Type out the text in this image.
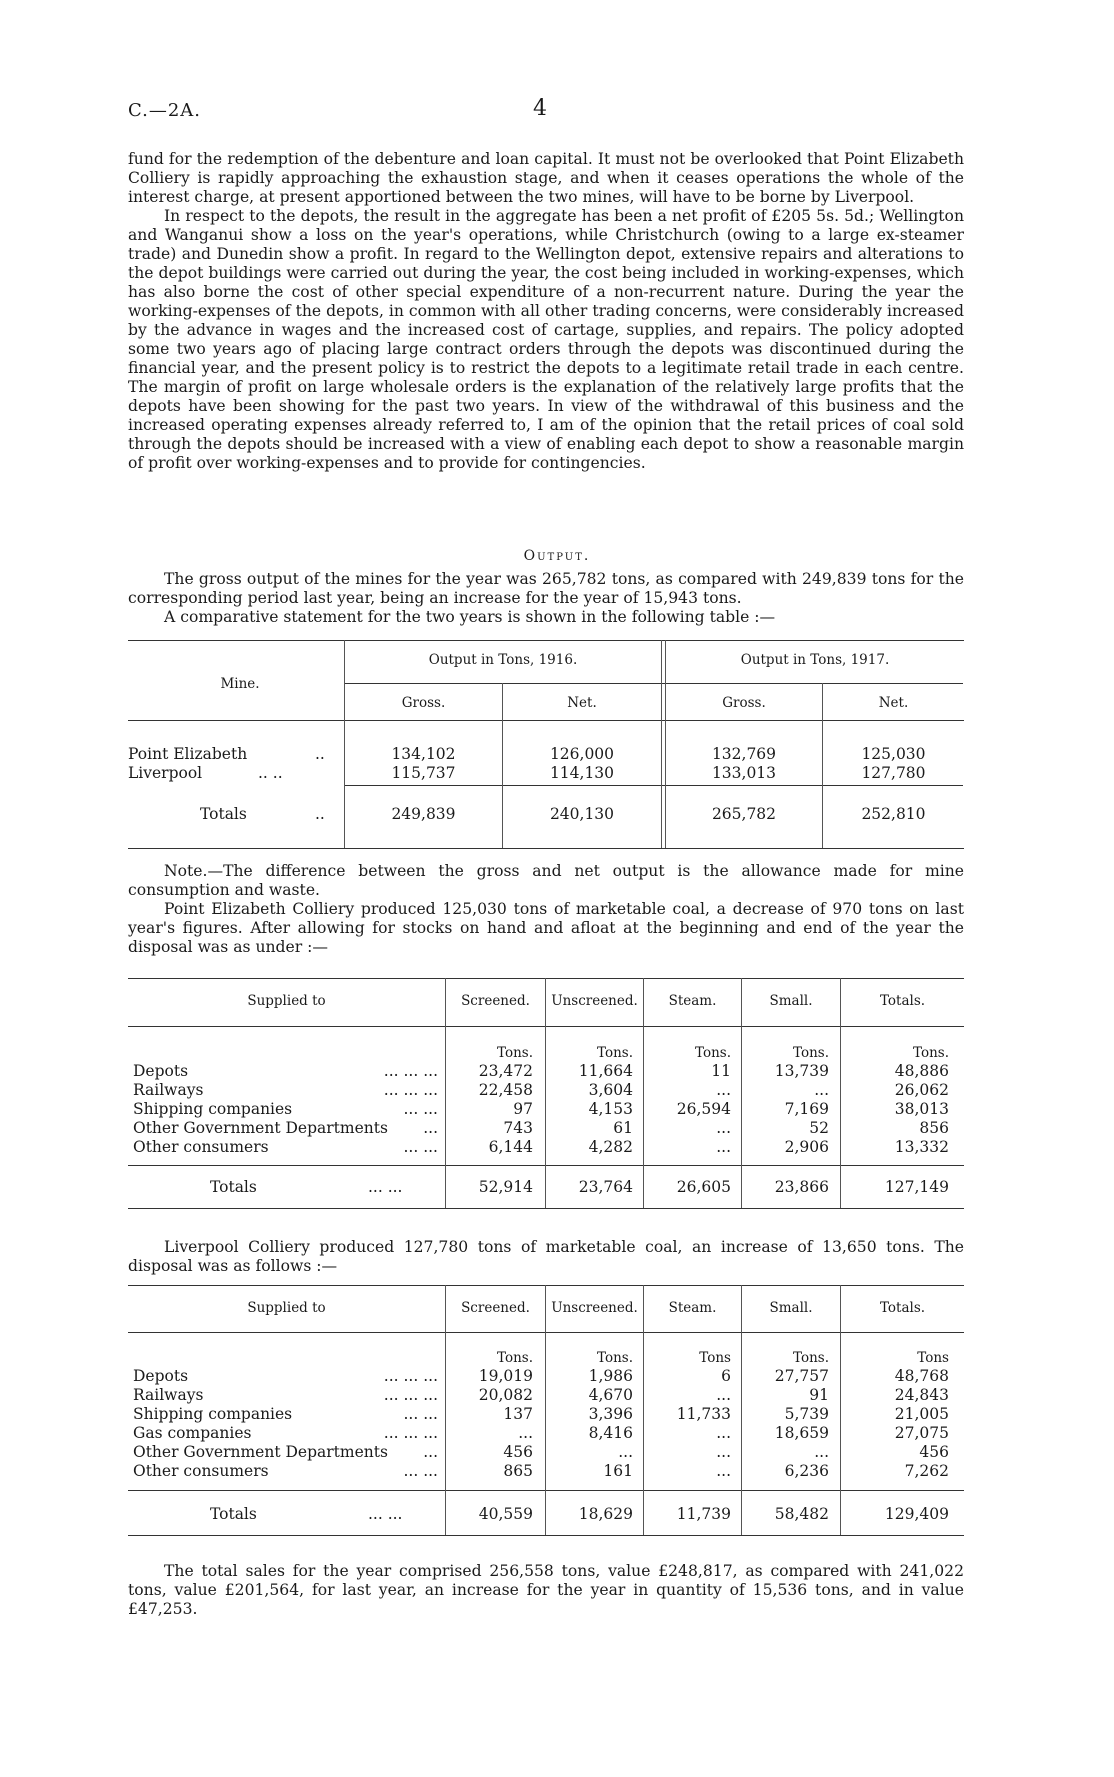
C.—2A.	4

fund for the redemption of the debenture and loan capital. It must not be overlooked that Point Elizabeth Colliery is rapidly approaching the exhaustion stage, and when it ceases operations the whole of the interest charge, at present apportioned between the two mines, will have to be borne by Liverpool.

In respect to the depots, the result in the aggregate has been a net profit of £205 5s. 5d.; Wellington and Wanganui show a loss on the year's operations, while Christchurch (owing to a large ex-steamer trade) and Dunedin show a profit. In regard to the Wellington depot, extensive repairs and alterations to the depot buildings were carried out during the year, the cost being included in working-expenses, which has also borne the cost of other special expenditure of a non-recurrent nature. During the year the working-expenses of the depots, in common with all other trading concerns, were considerably increased by the advance in wages and the increased cost of cartage, supplies, and repairs. The policy adopted some two years ago of placing large contract orders through the depots was discontinued during the financial year, and the present policy is to restrict the depots to a legitimate retail trade in each centre. The margin of profit on large wholesale orders is the explanation of the relatively large profits that the depots have been showing for the past two years. In view of the withdrawal of this business and the increased operating expenses already referred to, I am of the opinion that the retail prices of coal sold through the depots should be increased with a view of enabling each depot to show a reasonable margin of profit over working-expenses and to provide for contingencies.

Output.

The gross output of the mines for the year was 265,782 tons, as compared with 249,839 tons for the corresponding period last year, being an increase for the year of 15,943 tons.

A comparative statement for the two years is shown in the following table :—

Mine.
Output in Tons, 1916.	Output in Tons, 1917.
Gross.	Net.	Gross.	Net.
Point Elizabeth	..	134,102	126,000	132,769	125,030
Liverpool	.. ..	115,737	114,130	133,013	127,780
Totals	..	249,839	240,130	265,782	252,810

Note.—The difference between the gross and net output is the allowance made for mine consumption and waste.

Point Elizabeth Colliery produced 125,030 tons of marketable coal, a decrease of 970 tons on last year's figures. After allowing for stocks on hand and afloat at the beginning and end of the year the disposal was as under :—

Supplied to	Screened.	Unscreened.	Steam.	Small.	Totals.
Tons.	Tons.	Tons.	Tons.	Tons.
Depots	... ... ...	23,472	11,664	11	13,739	48,886
Railways	... ... ...	22,458	3,604	...	...	26,062
Shipping companies	... ...	97	4,153	26,594	7,169	38,013
Other Government Departments ...	743	61	...	52	856
Other consumers	... ...	6,144	4,282	...	2,906	13,332
Totals	... ...	52,914	23,764	26,605	23,866	127,149

Liverpool Colliery produced 127,780 tons of marketable coal, an increase of 13,650 tons. The disposal was as follows :—

Supplied to	Screened.	Unscreened.	Steam.	Small.	Totals.
Tons.	Tons.	Tons	Tons.	Tons
Depots	... ... ...	19,019	1,986	6	27,757	48,768
Railways	... ... ...	20,082	4,670	...	91	24,843
Shipping companies	... ...	137	3,396	11,733	5,739	21,005
Gas companies	... ... ...	...	8,416	...	18,659	27,075
Other Government Departments ...	456	...	...	...	456
Other consumers	... ...	865	161	...	6,236	7,262
Totals	... ...	40,559	18,629	11,739	58,482	129,409

The total sales for the year comprised 256,558 tons, value £248,817, as compared with 241,022 tons, value £201,564, for last year, an increase for the year in quantity of 15,536 tons, and in value £47,253.
